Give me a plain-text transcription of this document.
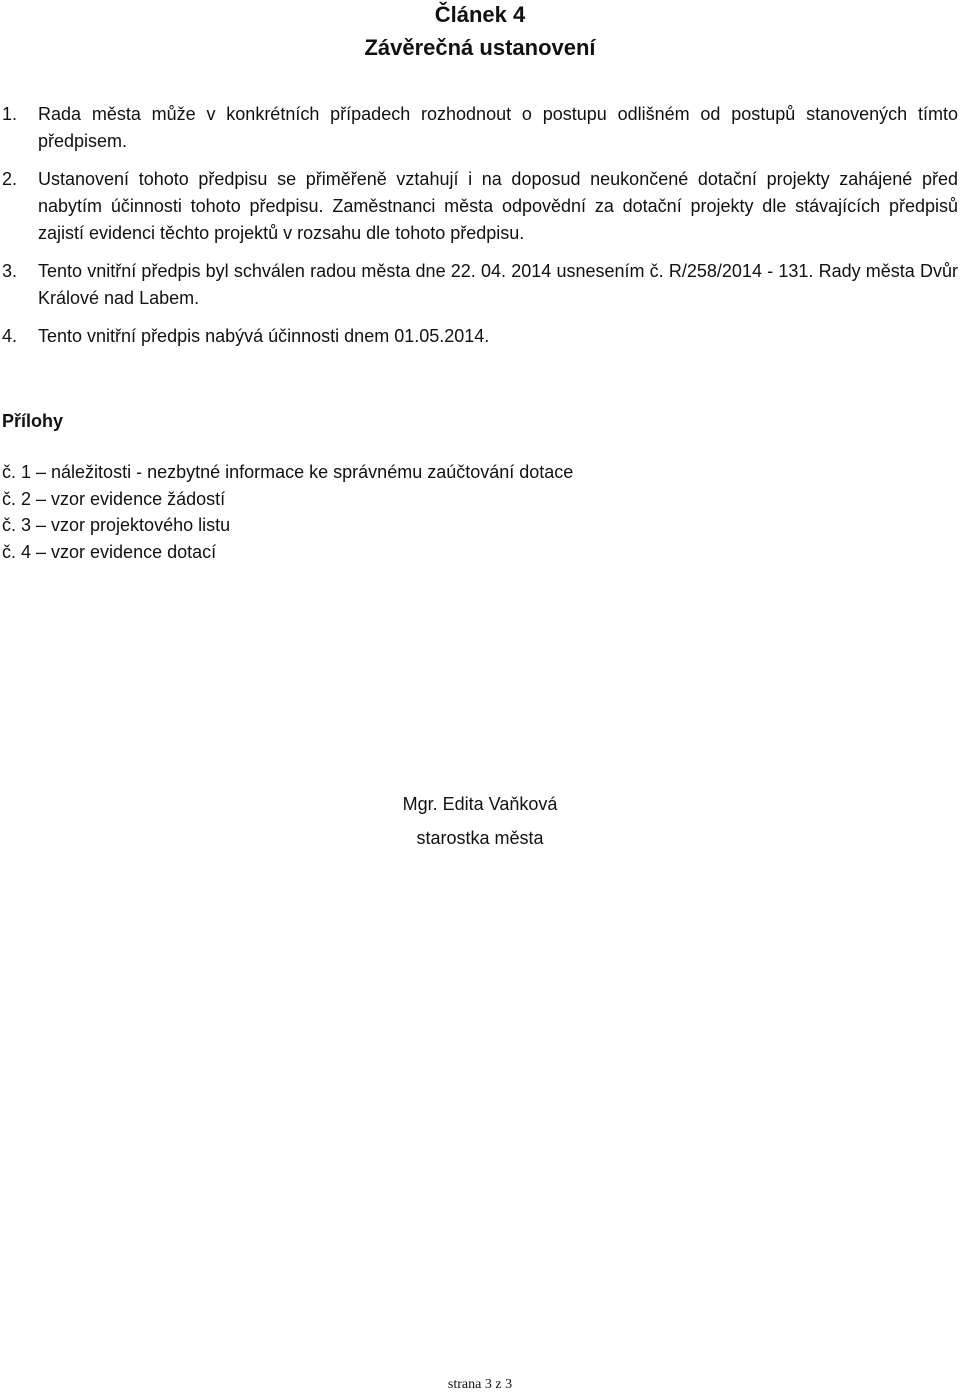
Článek 4
Závěrečná ustanovení
1. Rada města může v konkrétních případech rozhodnout o postupu odlišném od postupů stanovených tímto předpisem.
2. Ustanovení tohoto předpisu se přiměřeně vztahují i na doposud neukončené dotační projekty zahájené před nabytím účinnosti tohoto předpisu. Zaměstnanci města odpovědní za dotační projekty dle stávajících předpisů zajistí evidenci těchto projektů v rozsahu dle tohoto předpisu.
3. Tento vnitřní předpis byl schválen radou města dne 22. 04. 2014 usnesením č. R/258/2014 - 131. Rady města Dvůr Králové nad Labem.
4. Tento vnitřní předpis nabývá účinnosti dnem 01.05.2014.
Přílohy
č. 1 – náležitosti - nezbytné informace ke správnému zaúčtování dotace
č. 2 – vzor evidence žádostí
č. 3 – vzor projektového listu
č. 4 – vzor evidence dotací
Mgr. Edita Vaňková
starostka města
strana 3 z 3
